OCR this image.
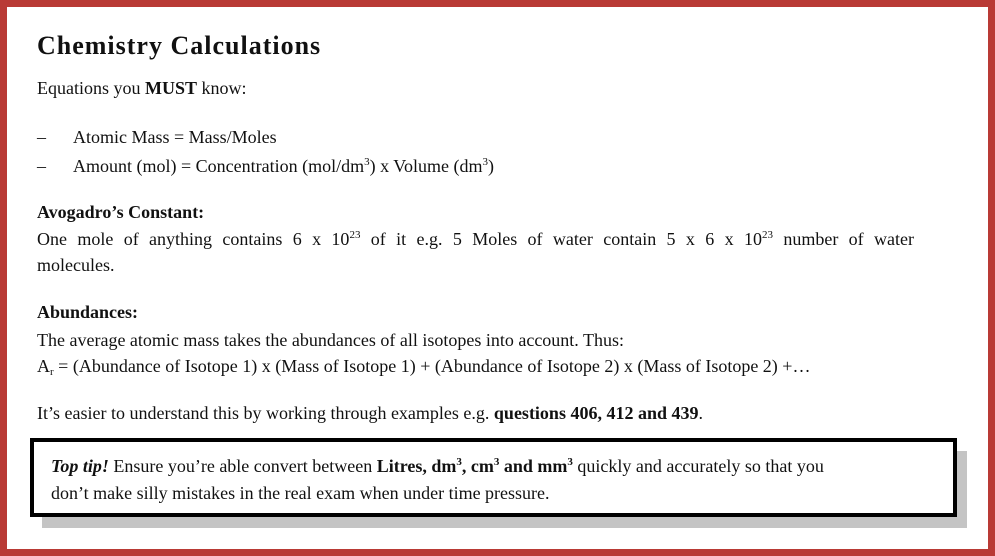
Chemistry Calculations
Equations you MUST know:
– Atomic Mass = Mass/Moles
– Amount (mol) = Concentration $(mol/dm^3)$ x Volume $(dm^3)$
Avogadro’s Constant:
One mole of anything contains 6 x $10^{23}$ of it e.g. 5 Moles of water contain 5 x 6 x $10^{23}$ number of water
molecules.
Abundances:
The average atomic mass takes the abundances of all isotopes into account. Thus:
$A_r$ = (Abundance of Isotope 1) x (Mass of Isotope 1) + (Abundance of Isotope 2) x (Mass of Isotope 2) +…
It’s easier to understand this by working through examples e.g. questions 406, 412 and 439.
Top tip! Ensure you’re able convert between Litres, $dm^3$, $cm^3$ and $mm^3$ quickly and accurately so that you
don’t make silly mistakes in the real exam when under time pressure.
